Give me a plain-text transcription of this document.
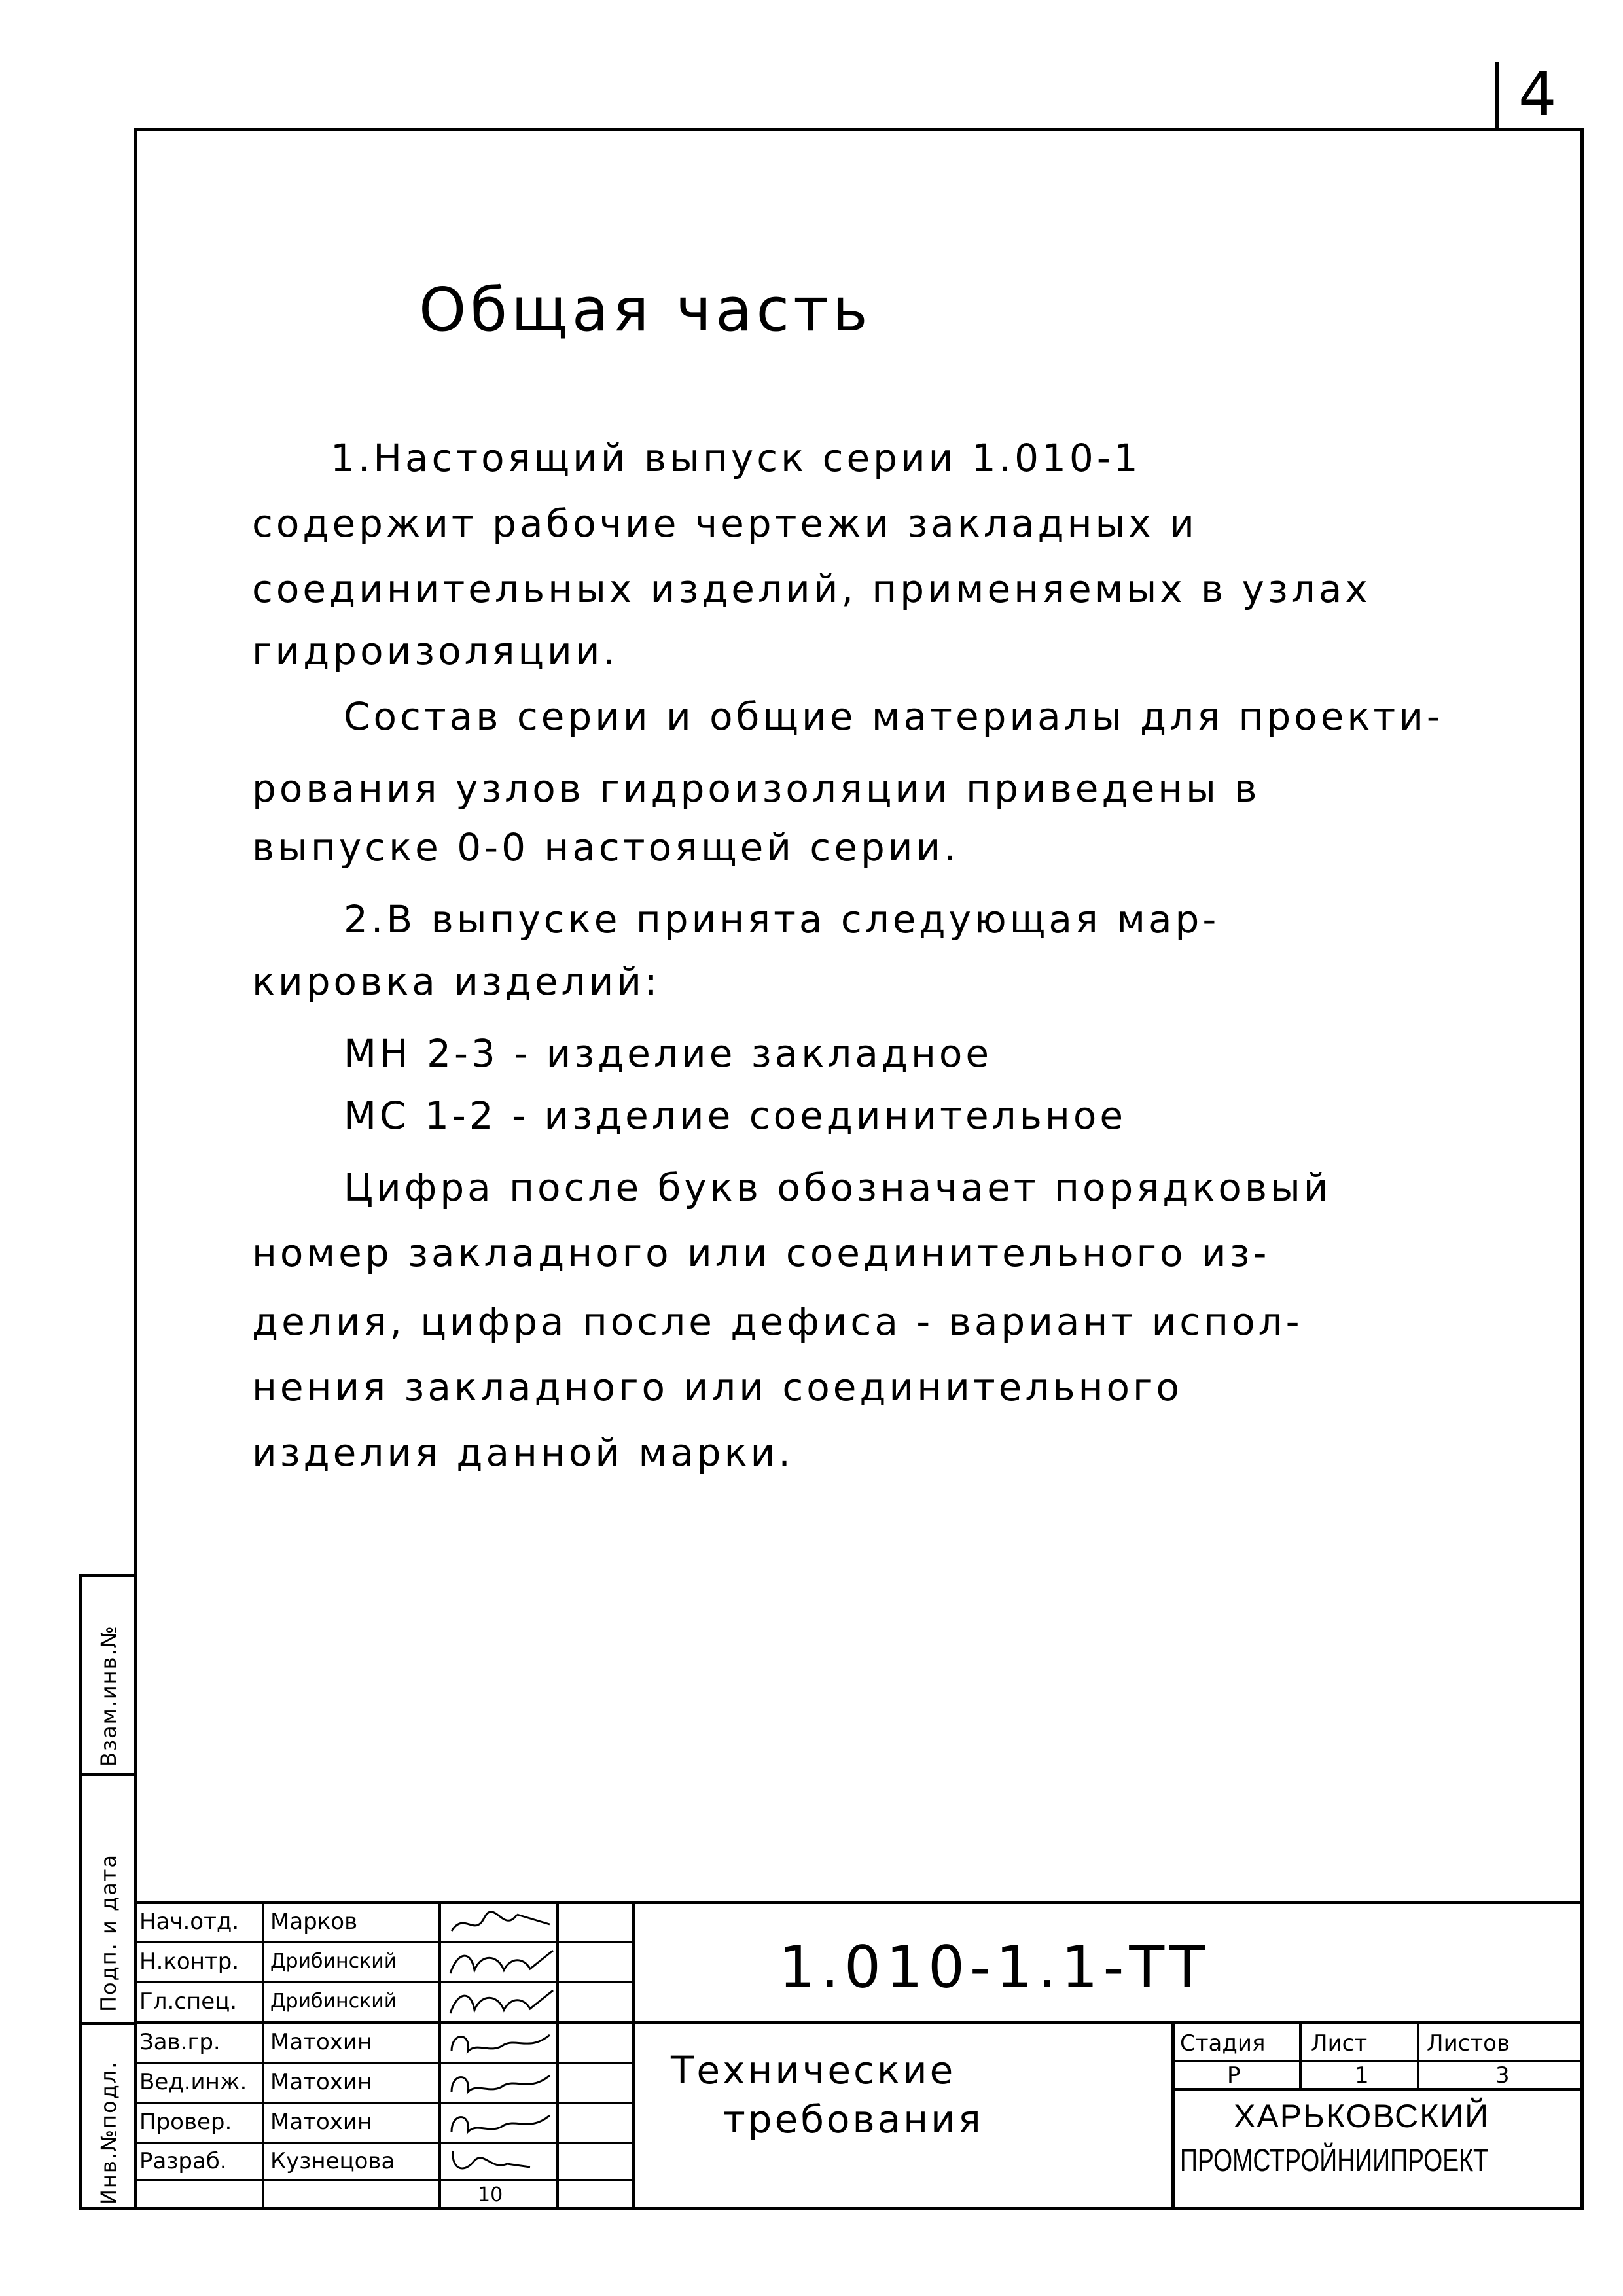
4
Взам.инв.№
Подп. и дата
Инв.№подл.
Общая часть
1.Настоящий выпуск серии 1.010-1
содержит рабочие чертежи закладных и
соединительных изделий, применяемых в узлах
гидроизоляции.
Состав серии и общие материалы для проекти-
рования узлов гидроизоляции приведены в
выпуске 0-0 настоящей серии.
2.В выпуске принята следующая мар-
кировка изделий:
МН 2-3 - изделие закладное
МС 1-2 - изделие соединительное
Цифра после букв обозначает порядковый
номер закладного или соединительного из-
делия, цифра после дефиса - вариант испол-
нения закладного или соединительного
изделия данной марки.
Нач.отд. Марков
Н.контр. Дрибинский
Гл.спец. Дрибинский
Зав.гр. Матохин
Вед.инж. Матохин
Провер. Матохин
Разраб. Кузнецова
10
1.010-1.1-ТТ
Технические
требования
Стадия Лист	Листов
Р	1	3
ХАРЬКОВСКИЙ
ПРОМСТРОЙНИИПРОЕКТ
